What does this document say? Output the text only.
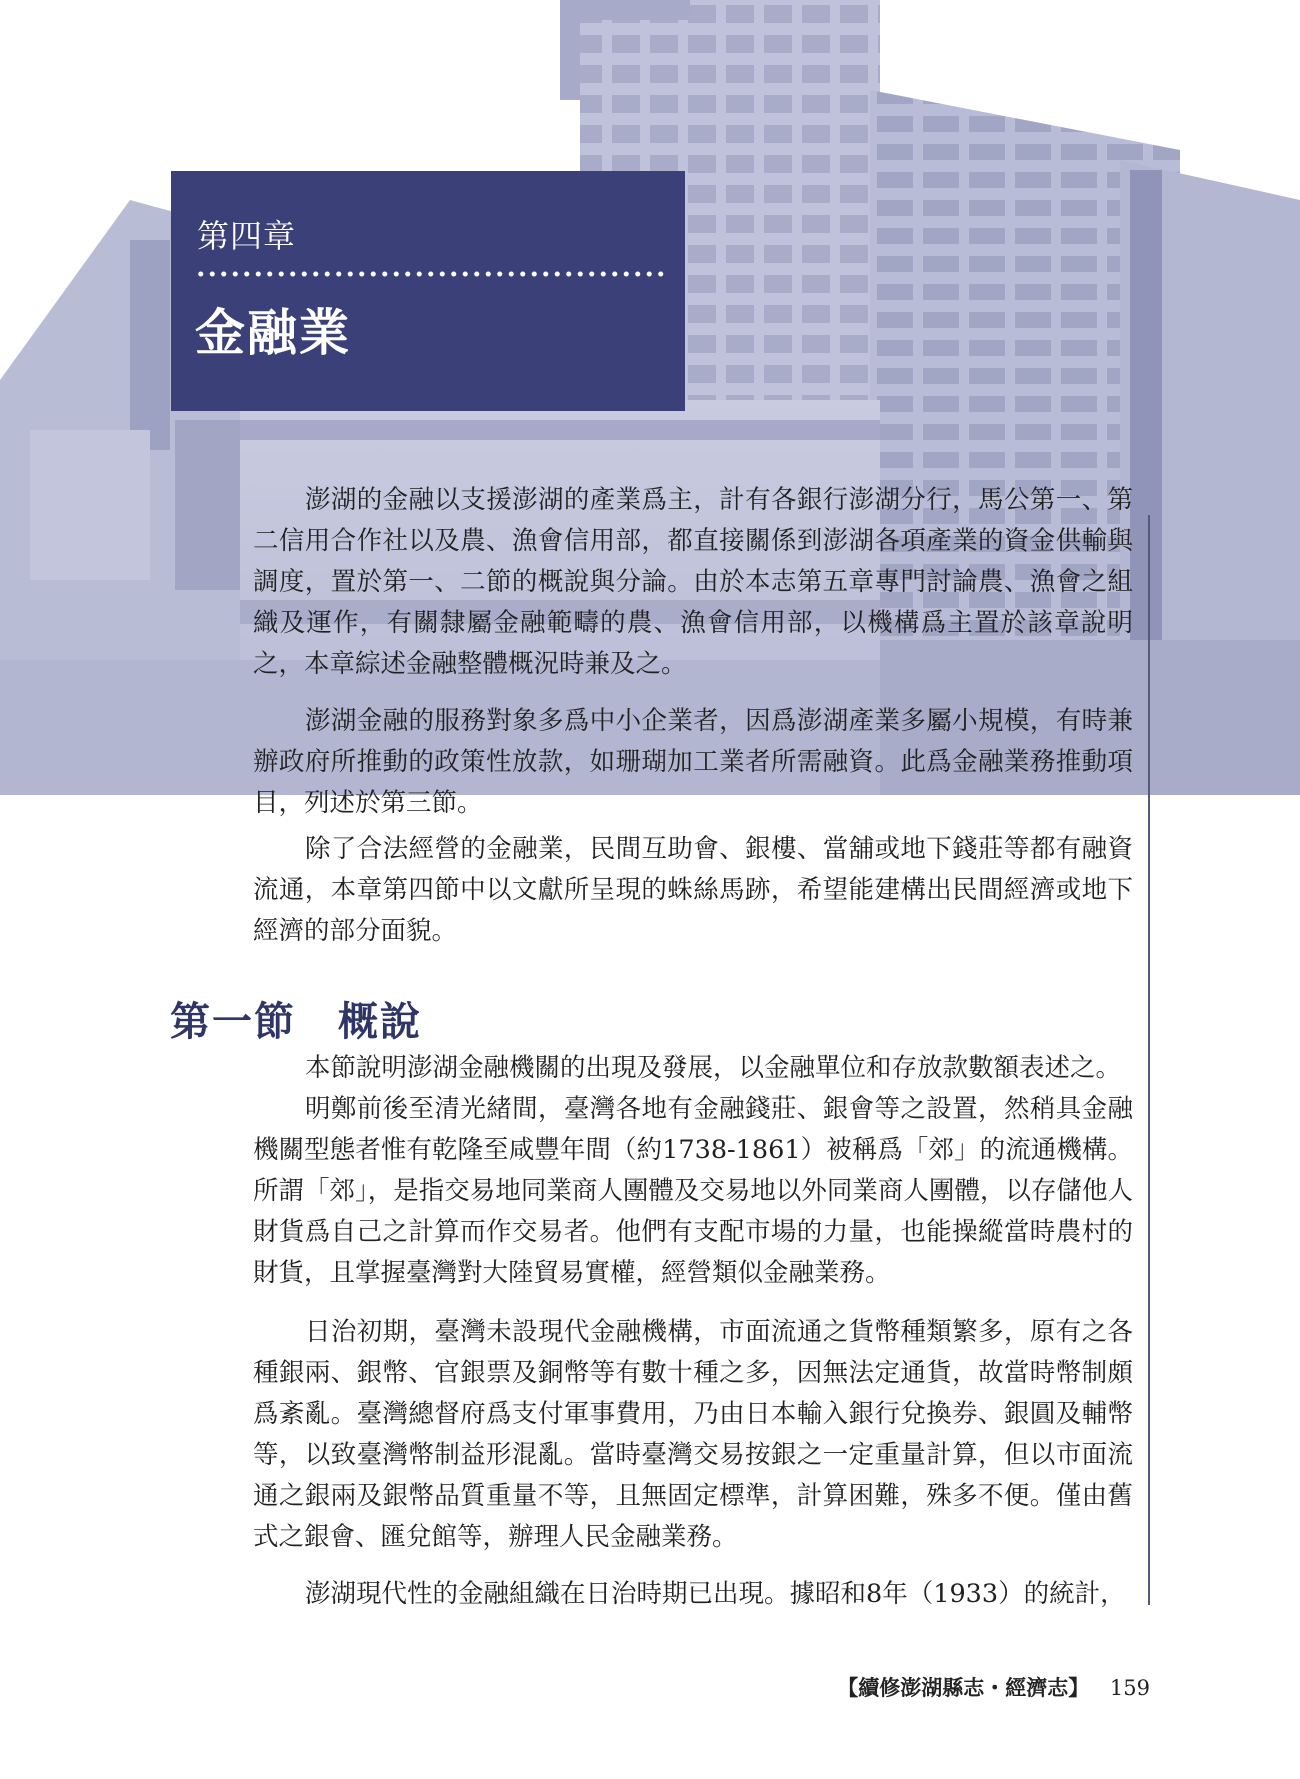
第四章
金融業

澎湖的金融以支援澎湖的產業爲主，計有各銀行澎湖分行，馬公第一、第二信用合作社以及農、漁會信用部，都直接關係到澎湖各項產業的資金供輸與調度，置於第一、二節的概說與分論。由於本志第五章專門討論農、漁會之組織及運作，有關隸屬金融範疇的農、漁會信用部，以機構爲主置於該章說明之，本章綜述金融整體概況時兼及之。

澎湖金融的服務對象多爲中小企業者，因爲澎湖產業多屬小規模，有時兼辦政府所推動的政策性放款，如珊瑚加工業者所需融資。此爲金融業務推動項目，列述於第三節。

除了合法經營的金融業，民間互助會、銀樓、當舖或地下錢莊等都有融資流通，本章第四節中以文獻所呈現的蛛絲馬跡，希望能建構出民間經濟或地下經濟的部分面貌。

第一節　概說

本節說明澎湖金融機關的出現及發展，以金融單位和存放款數額表述之。

明鄭前後至清光緒間，臺灣各地有金融錢莊、銀會等之設置，然稍具金融機關型態者惟有乾隆至咸豐年間（約1738-1861）被稱爲「郊」的流通機構。所謂「郊」，是指交易地同業商人團體及交易地以外同業商人團體，以存儲他人財貨爲自己之計算而作交易者。他們有支配市場的力量，也能操縱當時農村的財貨，且掌握臺灣對大陸貿易實權，經營類似金融業務。

日治初期，臺灣未設現代金融機構，市面流通之貨幣種類繁多，原有之各種銀兩、銀幣、官銀票及銅幣等有數十種之多，因無法定通貨，故當時幣制頗爲紊亂。臺灣總督府爲支付軍事費用，乃由日本輸入銀行兌換券、銀圓及輔幣等，以致臺灣幣制益形混亂。當時臺灣交易按銀之一定重量計算，但以市面流通之銀兩及銀幣品質重量不等，且無固定標準，計算困難，殊多不便。僅由舊式之銀會、匯兌館等，辦理人民金融業務。

澎湖現代性的金融組織在日治時期已出現。據昭和8年（1933）的統計，

【續修澎湖縣志・經濟志】 159
